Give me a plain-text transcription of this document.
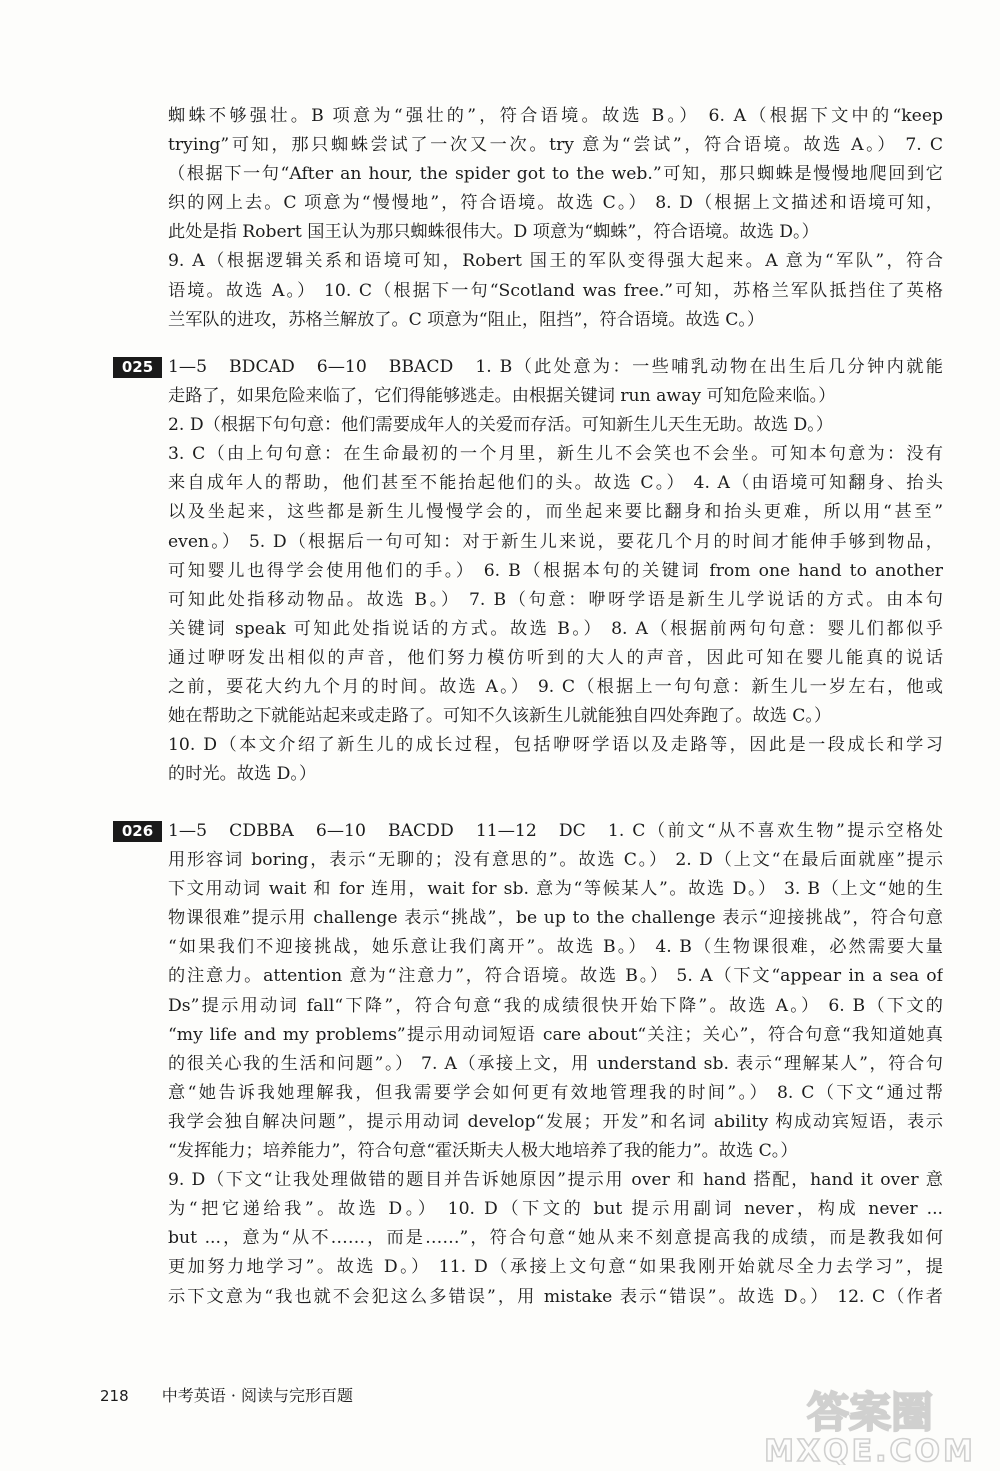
蜘蛛不够强壮。B 项意为“强壮的”，符合语境。故选 B。） 6. A（根据下文中的“keep
trying”可知，那只蜘蛛尝试了一次又一次。try 意为“尝试”，符合语境。故选 A。） 7. C
（根据下一句“After an hour, the spider got to the web.”可知，那只蜘蛛是慢慢地爬回到它
织的网上去。C 项意为“慢慢地”，符合语境。故选 C。） 8. D（根据上文描述和语境可知，
此处是指 Robert 国王认为那只蜘蛛很伟大。D 项意为“蜘蛛”，符合语境。故选 D。）
9. A（根据逻辑关系和语境可知，Robert 国王的军队变得强大起来。A 意为“军队”，符合
语境。故选 A。） 10. C（根据下一句“Scotland was free.”可知，苏格兰军队抵挡住了英格
兰军队的进攻，苏格兰解放了。C 项意为“阻止，阻挡”，符合语境。故选 C。）
025 1—5　BDCAD　6—10　BBACD　1. B（此处意为：一些哺乳动物在出生后几分钟内就能
走路了，如果危险来临了，它们得能够逃走。由根据关键词 run away 可知危险来临。）
2. D（根据下句句意：他们需要成年人的关爱而存活。可知新生儿天生无助。故选 D。）
3. C（由上句句意：在生命最初的一个月里，新生儿不会笑也不会坐。可知本句意为：没有
来自成年人的帮助，他们甚至不能抬起他们的头。故选 C。） 4. A（由语境可知翻身、抬头
以及坐起来，这些都是新生儿慢慢学会的，而坐起来要比翻身和抬头更难，所以用“甚至”
even。） 5. D（根据后一句可知：对于新生儿来说，要花几个月的时间才能伸手够到物品，
可知婴儿也得学会使用他们的手。） 6. B（根据本句的关键词 from one hand to another
可知此处指移动物品。故选 B。） 7. B（句意：咿呀学语是新生儿学说话的方式。由本句
关键词 speak 可知此处指说话的方式。故选 B。） 8. A（根据前两句句意：婴儿们都似乎
通过咿呀发出相似的声音，他们努力模仿听到的大人的声音，因此可知在婴儿能真的说话
之前，要花大约九个月的时间。故选 A。） 9. C（根据上一句句意：新生儿一岁左右，他或
她在帮助之下就能站起来或走路了。可知不久该新生儿就能独自四处奔跑了。故选 C。）
10. D（本文介绍了新生儿的成长过程，包括咿呀学语以及走路等，因此是一段成长和学习
的时光。故选 D。）
026 1—5　CDBBA　6—10　BACDD　11—12　DC　1. C（前文“从不喜欢生物”提示空格处
用形容词 boring，表示“无聊的；没有意思的”。故选 C。） 2. D（上文“在最后面就座”提示
下文用动词 wait 和 for 连用，wait for sb. 意为“等候某人”。故选 D。） 3. B（上文“她的生
物课很难”提示用 challenge 表示“挑战”，be up to the challenge 表示“迎接挑战”，符合句意
“如果我们不迎接挑战，她乐意让我们离开”。故选 B。） 4. B（生物课很难，必然需要大量
的注意力。attention 意为“注意力”，符合语境。故选 B。） 5. A（下文“appear in a sea of
Ds”提示用动词 fall“下降”，符合句意“我的成绩很快开始下降”。故选 A。） 6. B（下文的
“my life and my problems”提示用动词短语 care about“关注；关心”，符合句意“我知道她真
的很关心我的生活和问题”。） 7. A（承接上文，用 understand sb. 表示“理解某人”，符合句
意“她告诉我她理解我，但我需要学会如何更有效地管理我的时间”。） 8. C（下文“通过帮
我学会独自解决问题”，提示用动词 develop“发展；开发”和名词 ability 构成动宾短语，表示
“发挥能力；培养能力”，符合句意“霍沃斯夫人极大地培养了我的能力”。故选 C。）
9. D（下文“让我处理做错的题目并告诉她原因”提示用 over 和 hand 搭配，hand it over 意
为“把它递给我”。故选 D。） 10. D（下文的 but 提示用副词 never，构成 never ...
but ...，意为“从不……，而是……”，符合句意“她从来不刻意提高我的成绩，而是教我如何
更加努力地学习”。故选 D。） 11. D（承接上文句意“如果我刚开始就尽全力去学习”，提
示下文意为“我也就不会犯这么多错误”，用 mistake 表示“错误”。故选 D。） 12. C（作者
218 中考英语 · 阅读与完形百题	答案圈
MXQE.COM
